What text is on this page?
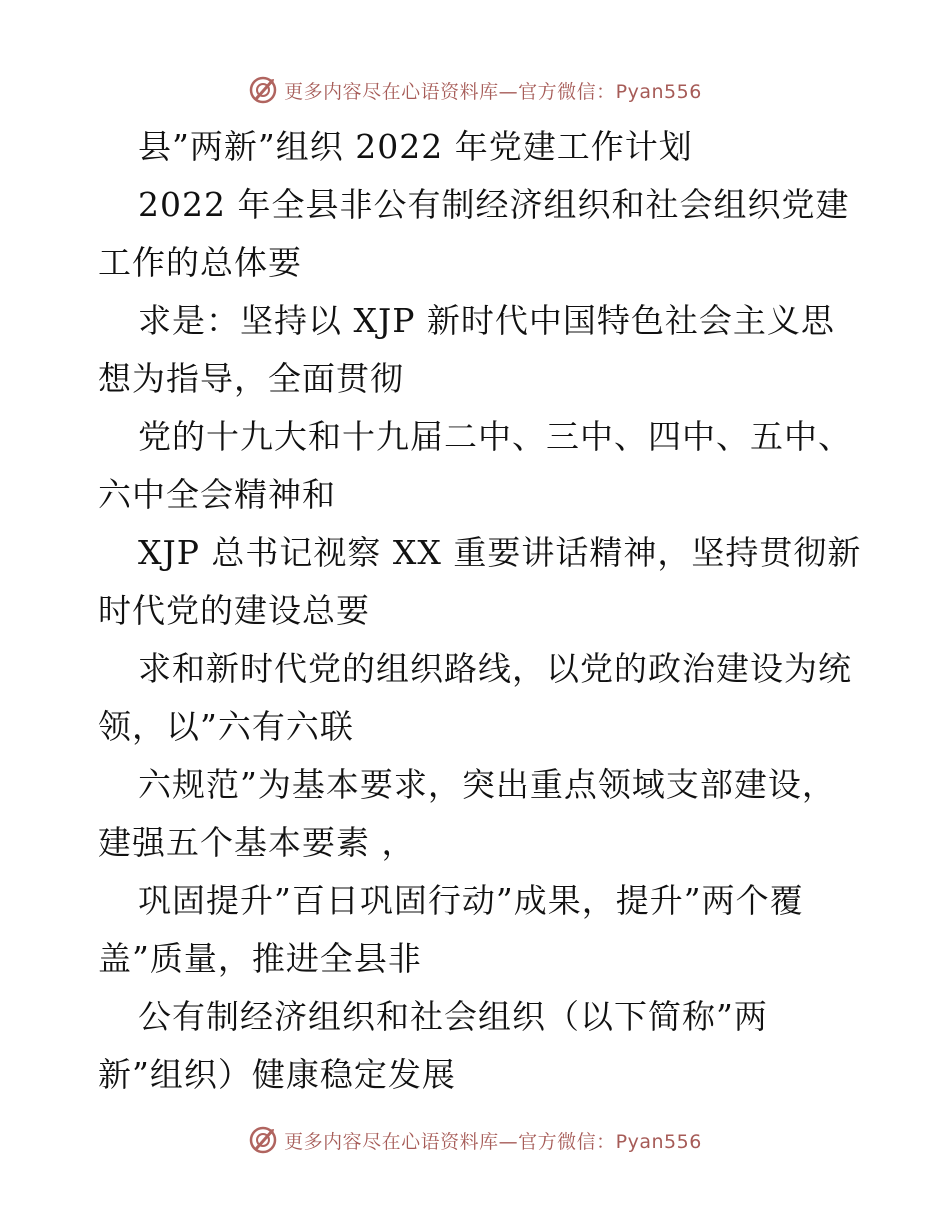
更多内容尽在心语资料库—官方微信：Pyan556
县”两新”组织 2022 年党建工作计划
2022 年全县非公有制经济组织和社会组织党建
工作的总体要
求是：坚持以 XJP 新时代中国特色社会主义思
想为指导，全面贯彻
党的十九大和十九届二中、三中、四中、五中、
六中全会精神和
XJP 总书记视察 XX 重要讲话精神，坚持贯彻新
时代党的建设总要
求和新时代党的组织路线，以党的政治建设为统
领，以”六有六联
六规范”为基本要求，突出重点领域支部建设，
建强五个基本要素 ，
巩固提升”百日巩固行动”成果，提升”两个覆
盖”质量，推进全县非
公有制经济组织和社会组织（以下简称”两
新”组织）健康稳定发展
更多内容尽在心语资料库—官方微信：Pyan556
